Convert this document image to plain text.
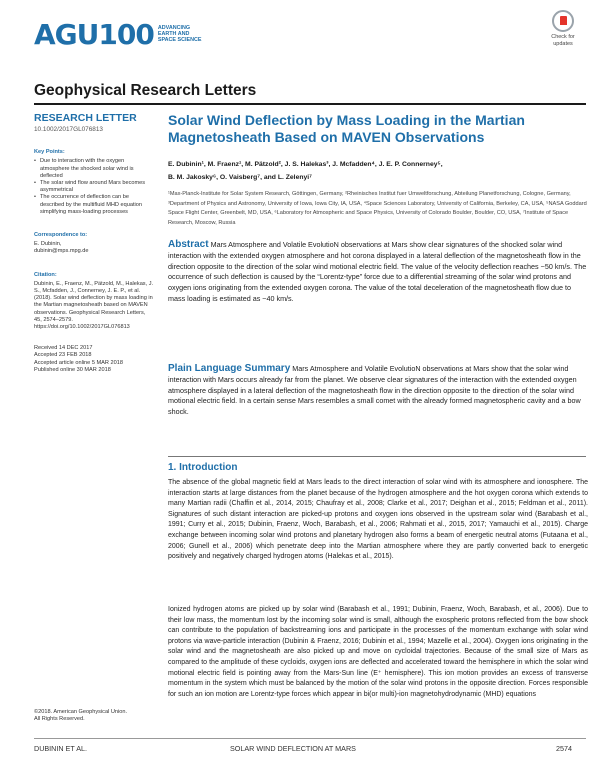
AGU100 ADVANCING
EARTH AND
SPACE SCIENCE	Check for
updates
Geophysical Research Letters
RESEARCH LETTER
10.1002/2017GL076813
Key Points:
• Due to interaction with the oxygen atmosphere the shocked solar wind is deflected
• The solar wind flow around Mars becomes asymmetrical
• The occurrence of deflection can be described by the multifluid MHD equation simplifying mass-loading processes
Correspondence to:
E. Dubinin,
dubinin@mps.mpg.de
Citation:
Dubinin, E., Fraenz, M., Pätzold, M., Halekas, J. S., Mcfadden, J., Connerney, J. E. P., et al. (2018). Solar wind deflection by mass loading in the Martian magnetosheath based on MAVEN observations. Geophysical Research Letters, 45, 2574–2579. https://doi.org/10.1002/2017GL076813
Received 14 DEC 2017
Accepted 23 FEB 2018
Accepted article online 5 MAR 2018
Published online 30 MAR 2018
©2018. American Geophysical Union.
All Rights Reserved.
Solar Wind Deflection by Mass Loading in the Martian Magnetosheath Based on MAVEN Observations
E. Dubinin¹, M. Fraenz¹, M. Pätzold², J. S. Halekas³, J. Mcfadden⁴, J. E. P. Connerney⁵,
B. M. Jakosky⁶, O. Vaisberg⁷, and L. Zelenyi⁷
¹Max-Planck-Institute for Solar System Research, Göttingen, Germany, ²Rheinisches Institut fuer Umweltforschung, Abteilung Planetforschung, Cologne, Germany, ³Department of Physics and Astronomy, University of Iowa, Iowa City, IA, USA, ⁴Space Sciences Laboratory, University of California, Berkeley, CA, USA, ⁵NASA Goddard Space Flight Center, Greenbelt, MD, USA, ⁶Laboratory for Atmospheric and Space Physics, University of Colorado Boulder, Boulder, CO, USA, ⁷Institute of Space Research, Moscow, Russia
Abstract Mars Atmosphere and Volatile EvolutioN observations at Mars show clear signatures of the shocked solar wind interaction with the extended oxygen atmosphere and hot corona displayed in a lateral deflection of the magnetosheath flow in the direction opposite to the direction of the solar wind motional electric field. The value of the velocity deflection reaches ~50 km/s. The occurrence of such deflection is caused by the “Lorentz-type” force due to a differential streaming of the solar wind protons and oxygen ions originating from the extended oxygen corona. The value of the total deceleration of the magnetosheath flow due to mass loading is estimated as ~40 km/s.
Plain Language Summary Mars Atmosphere and Volatile EvolutioN observations at Mars show that the solar wind interaction with Mars occurs already far from the planet. We observe clear signatures of the interaction with the extended oxygen atmosphere displayed in a lateral deflection of the magnetosheath flow in the direction opposite to the direction of the solar wind motional electric field. In a certain sense Mars resembles a small comet with the already formed magnetospheric cavity and a bow shock.
1. Introduction
The absence of the global magnetic field at Mars leads to the direct interaction of solar wind with its atmosphere and ionosphere. The interaction starts at large distances from the planet because of the hydrogen atmosphere and the hot oxygen corona which extends to many Martian radii (Chaffin et al., 2014, 2015; Chaufray et al., 2008; Clarke et al., 2017; Deighan et al., 2015; Feldman et al., 2011). Signatures of such distant interaction are picked-up protons and oxygen ions observed in the upstream solar wind (Barabash et al., 1991; Curry et al., 2015; Dubinin, Fraenz, Woch, Barabash, et al., 2006; Rahmati et al., 2015, 2017; Yamauchi et al., 2015). Charge exchange between incoming solar wind protons and planetary hydrogen also forms a beam of energetic neutral atoms (Futaana et al., 2006; Gunell et al., 2006) which penetrate deep into the Martian atmosphere where they are partly converted back to energetic positively and negatively charged hydrogen atoms (Halekas et al., 2015).
Ionized hydrogen atoms are picked up by solar wind (Barabash et al., 1991; Dubinin, Fraenz, Woch, Barabash, et al., 2006). Due to their low mass, the momentum lost by the incoming solar wind is small, although the exospheric protons reflected from the bow shock can contribute to the population of backstreaming ions and participate in the processes of the momentum exchange with solar wind protons via wave-particle interaction (Dubinin & Fraenz, 2016; Dubinin et al., 1994; Mazelle et al., 2004). Oxygen ions originating in the solar wind and the magnetosheath are also picked up and move on cycloidal trajectories. Because of the small size of Mars as compared to the amplitude of these cycloids, oxygen ions are deflected and accelerated toward the hemisphere in which the solar wind motional electric field is pointing away from the Mars-Sun line (E⁺ hemisphere). This ion motion provides an excess of transverse momentum in the system which must be balanced by the motion of the solar wind protons in the opposite direction. Forces responsible for such an ion motion are Lorentz-type forces which appear in bi(or multi)-ion magnetohydrodynamic (MHD) equations
DUBININ ET AL.	SOLAR WIND DEFLECTION AT MARS	2574
